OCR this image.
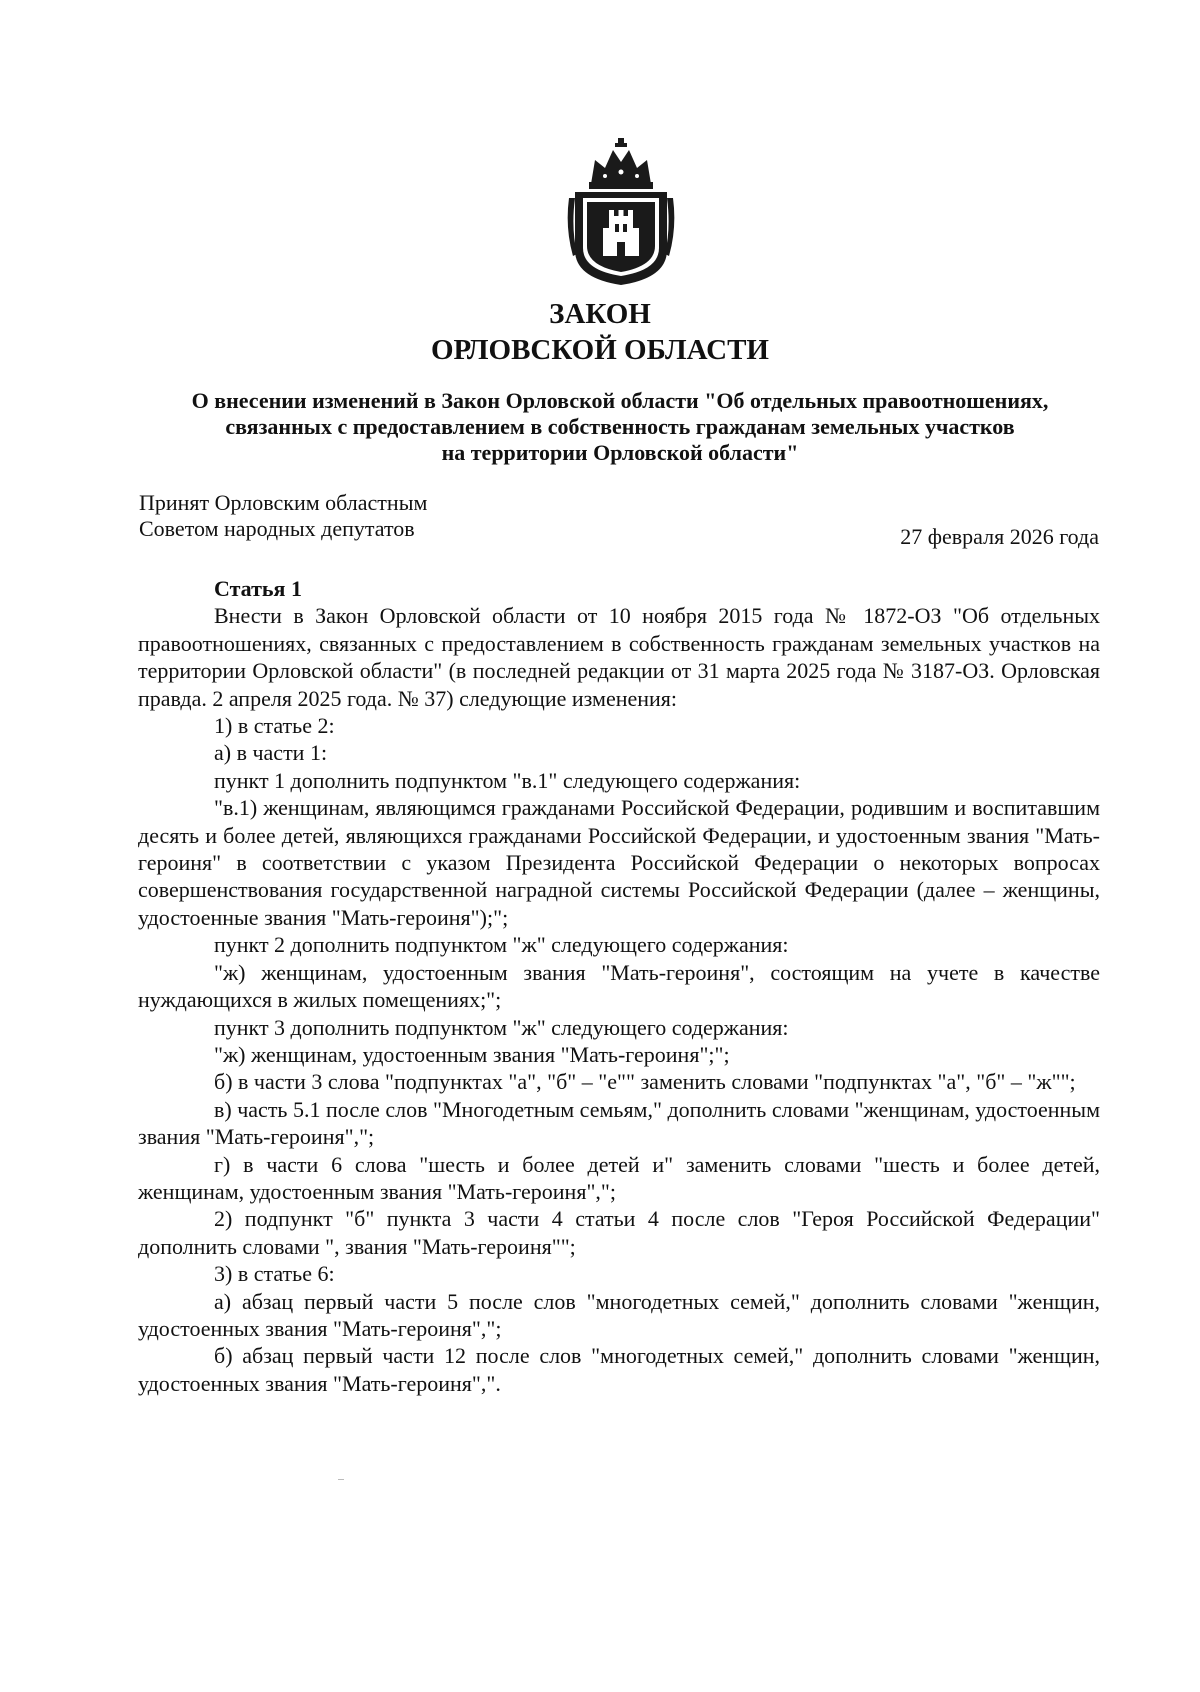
ЗАКОН
ОРЛОВСКОЙ ОБЛАСТИ
О внесении изменений в Закон Орловской области "Об отдельных правоотношениях,
связанных с предоставлением в собственность гражданам земельных участков
на территории Орловской области"
Принят Орловским областным
Советом народных депутатов	27 февраля 2026 года
Статья 1

Внести в Закон Орловской области от 10 ноября 2015 года № 1872-ОЗ "Об отдельных правоотношениях, связанных с предоставлением в собственность гражданам земельных участков на территории Орловской области" (в последней редакции от 31 марта 2025 года № 3187-ОЗ. Орловская правда. 2 апреля 2025 года. № 37) следующие изменения:

1) в статье 2:

а) в части 1:

пункт 1 дополнить подпунктом "в.1" следующего содержания:

"в.1) женщинам, являющимся гражданами Российской Федерации, родившим и воспитавшим десять и более детей, являющихся гражданами Российской Федерации, и удостоенным звания "Мать-героиня" в соответствии с указом Президента Российской Федерации о некоторых вопросах совершенствования государственной наградной системы Российской Федерации (далее – женщины, удостоенные звания "Мать-героиня");";

пункт 2 дополнить подпунктом "ж" следующего содержания:

"ж) женщинам, удостоенным звания "Мать-героиня", состоящим на учете в качестве нуждающихся в жилых помещениях;";

пункт 3 дополнить подпунктом "ж" следующего содержания:

"ж) женщинам, удостоенным звания "Мать-героиня";";

б) в части 3 слова "подпунктах "а", "б" – "е"" заменить словами "подпунктах "а", "б" – "ж"";

в) часть 5.1 после слов "Многодетным семьям," дополнить словами "женщинам, удостоенным звания "Мать-героиня",";

г) в части 6 слова "шесть и более детей и" заменить словами "шесть и более детей, женщинам, удостоенным звания "Мать-героиня",";

2) подпункт "б" пункта 3 части 4 статьи 4 после слов "Героя Российской Федерации" дополнить словами ", звания "Мать-героиня"";

3) в статье 6:

а) абзац первый части 5 после слов "многодетных семей," дополнить словами "женщин, удостоенных звания "Мать-героиня",";

б) абзац первый части 12 после слов "многодетных семей," дополнить словами "женщин, удостоенных звания "Мать-героиня",".
